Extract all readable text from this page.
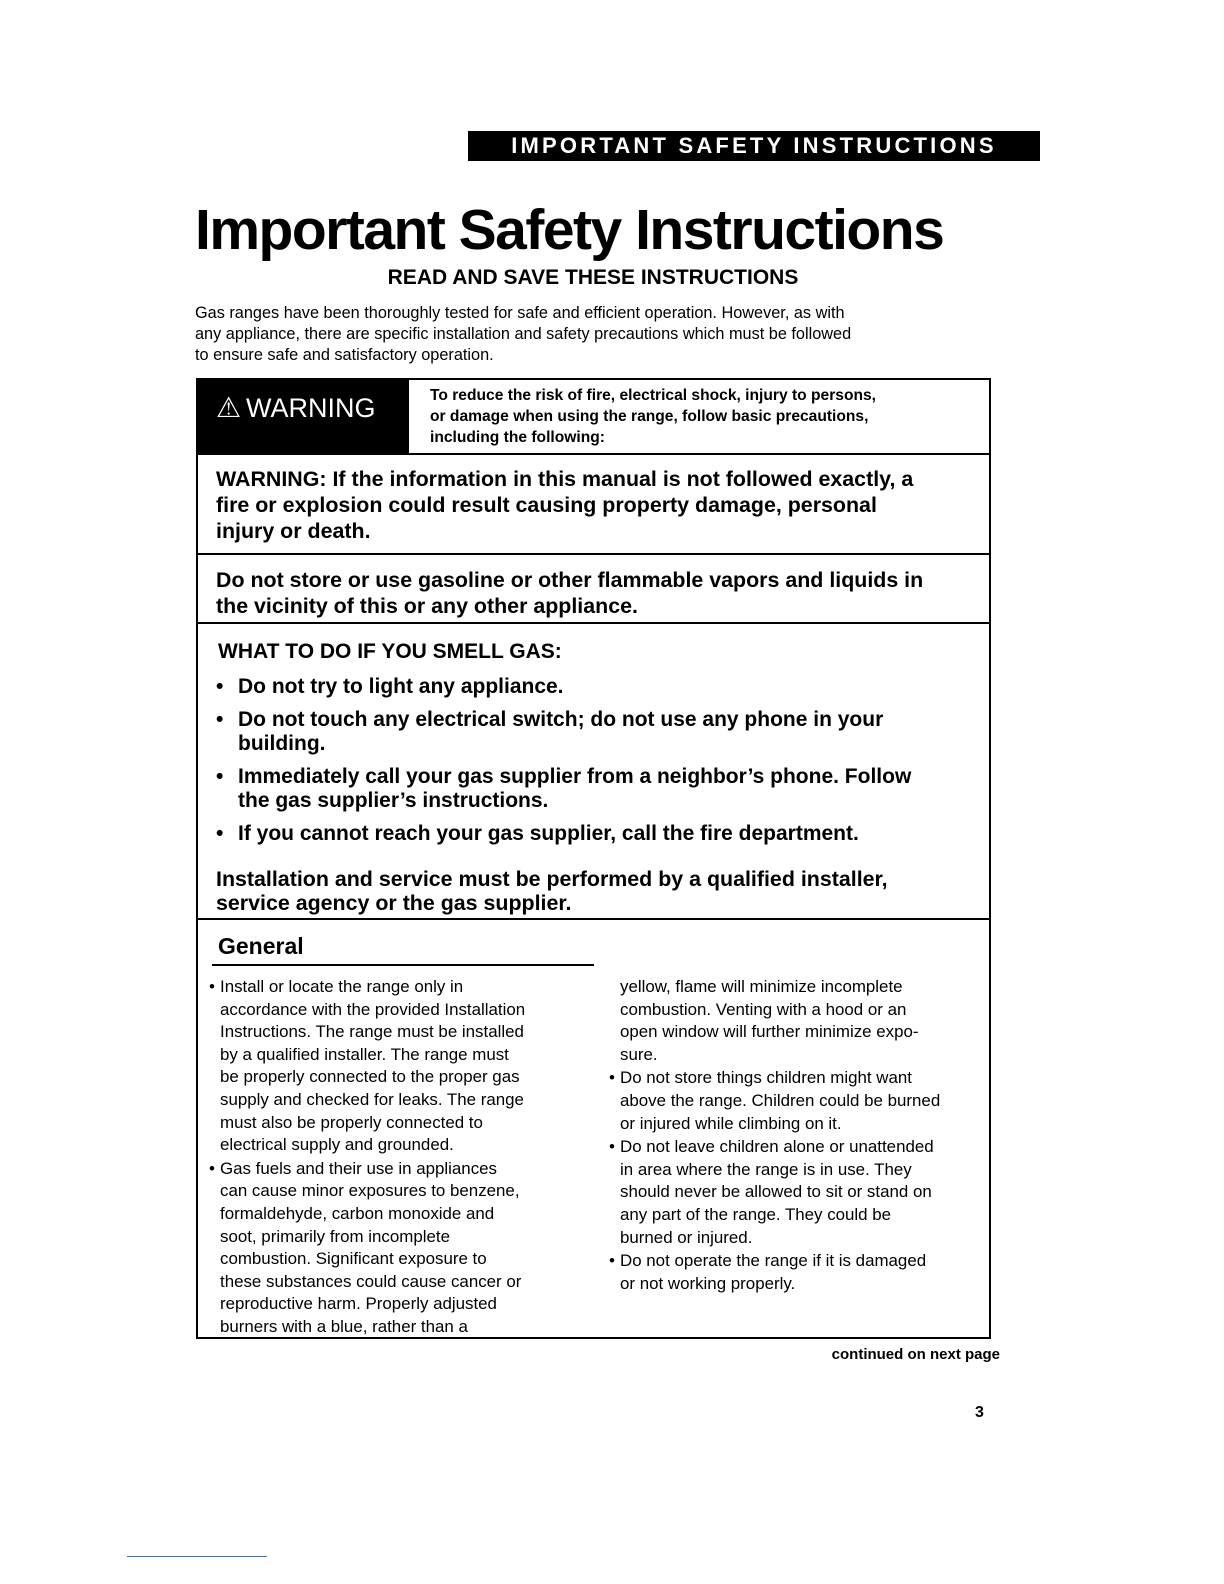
IMPORTANT SAFETY INSTRUCTIONS
Important Safety Instructions
READ AND SAVE THESE INSTRUCTIONS
Gas ranges have been thoroughly tested for safe and efficient operation. However, as with
any appliance, there are specific installation and safety precautions which must be followed
to ensure safe and satisfactory operation.
⚠ WARNING	To reduce the risk of fire, electrical shock, injury to persons,
or damage when using the range, follow basic precautions,
including the following:
WARNING: If the information in this manual is not followed exactly, a
fire or explosion could result causing property damage, personal
injury or death.
Do not store or use gasoline or other flammable vapors and liquids in
the vicinity of this or any other appliance.
WHAT TO DO IF YOU SMELL GAS:
• Do not try to light any appliance.
• Do not touch any electrical switch; do not use any phone in your
building.
• Immediately call your gas supplier from a neighbor’s phone. Follow
the gas supplier’s instructions.
• If you cannot reach your gas supplier, call the fire department.
Installation and service must be performed by a qualified installer,
service agency or the gas supplier.
General
• Install or locate the range only in
accordance with the provided Installation
Instructions. The range must be installed
by a qualified installer. The range must
be properly connected to the proper gas
supply and checked for leaks. The range
must also be properly connected to
electrical supply and grounded.
• Gas fuels and their use in appliances
can cause minor exposures to benzene,
formaldehyde, carbon monoxide and
soot, primarily from incomplete
combustion. Significant exposure to
these substances could cause cancer or
reproductive harm. Properly adjusted
burners with a blue, rather than a
yellow, flame will minimize incomplete
combustion. Venting with a hood or an
open window will further minimize expo-
sure.
• Do not store things children might want
above the range. Children could be burned
or injured while climbing on it.
• Do not leave children alone or unattended
in area where the range is in use. They
should never be allowed to sit or stand on
any part of the range. They could be
burned or injured.
• Do not operate the range if it is damaged
or not working properly.
continued on next page
3
